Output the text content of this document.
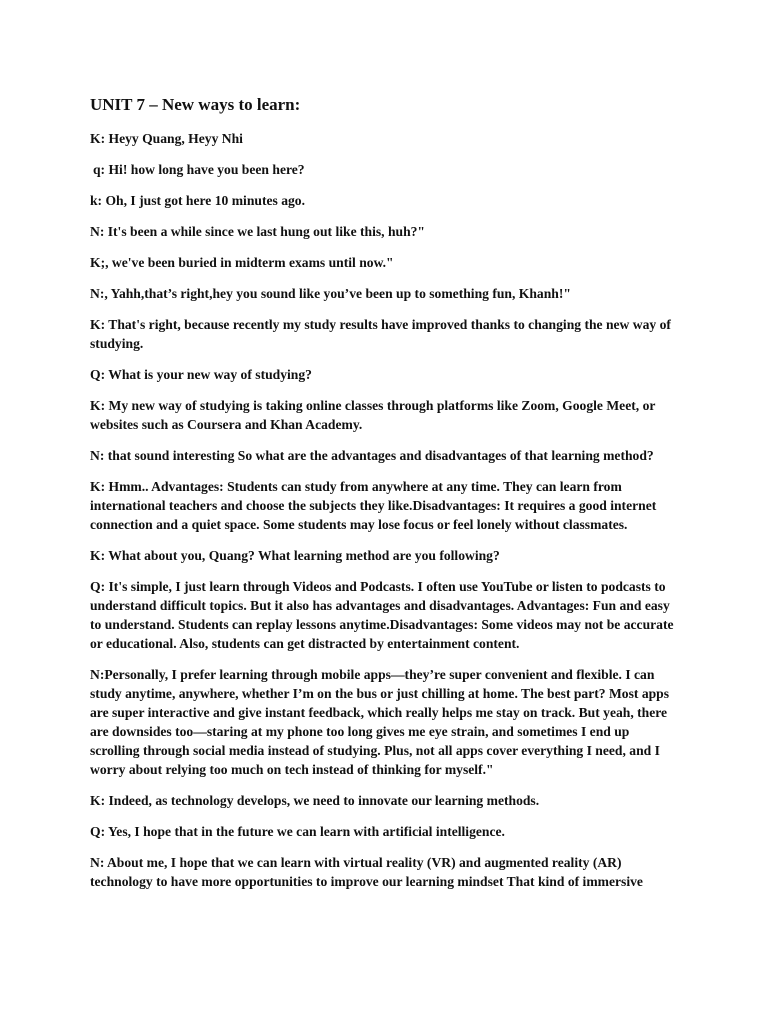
UNIT 7 – New ways to learn:

K: Heyy Quang, Heyy Nhi

q: Hi! how long have you been here?

k: Oh, I just got here 10 minutes ago.

N: It's been a while since we last hung out like this, huh?"

K;, we've been buried in midterm exams until now."

N:, Yahh,that’s right,hey you sound like you’ve been up to something fun, Khanh!"

K: That's right, because recently my study results have improved thanks to changing the new way of studying.

Q: What is your new way of studying?

K: My new way of studying is taking online classes through platforms like Zoom, Google Meet, or websites such as Coursera and Khan Academy.

N: that sound interesting So what are the advantages and disadvantages of that learning method?

K: Hmm.. Advantages: Students can study from anywhere at any time. They can learn from international teachers and choose the subjects they like.Disadvantages: It requires a good internet connection and a quiet space. Some students may lose focus or feel lonely without classmates.

K: What about you, Quang? What learning method are you following?

Q: It's simple, I just learn through Videos and Podcasts. I often use YouTube or listen to podcasts to understand difficult topics. But it also has advantages and disadvantages. Advantages: Fun and easy to understand. Students can replay lessons anytime.Disadvantages: Some videos may not be accurate or educational. Also, students can get distracted by entertainment content.

N:Personally, I prefer learning through mobile apps—they’re super convenient and flexible. I can study anytime, anywhere, whether I’m on the bus or just chilling at home. The best part? Most apps are super interactive and give instant feedback, which really helps me stay on track. But yeah, there are downsides too—staring at my phone too long gives me eye strain, and sometimes I end up scrolling through social media instead of studying. Plus, not all apps cover everything I need, and I worry about relying too much on tech instead of thinking for myself."

K: Indeed, as technology develops, we need to innovate our learning methods.

Q: Yes, I hope that in the future we can learn with artificial intelligence.

N: About me, I hope that we can learn with virtual reality (VR) and augmented reality (AR) technology to have more opportunities to improve our learning mindset That kind of immersive
